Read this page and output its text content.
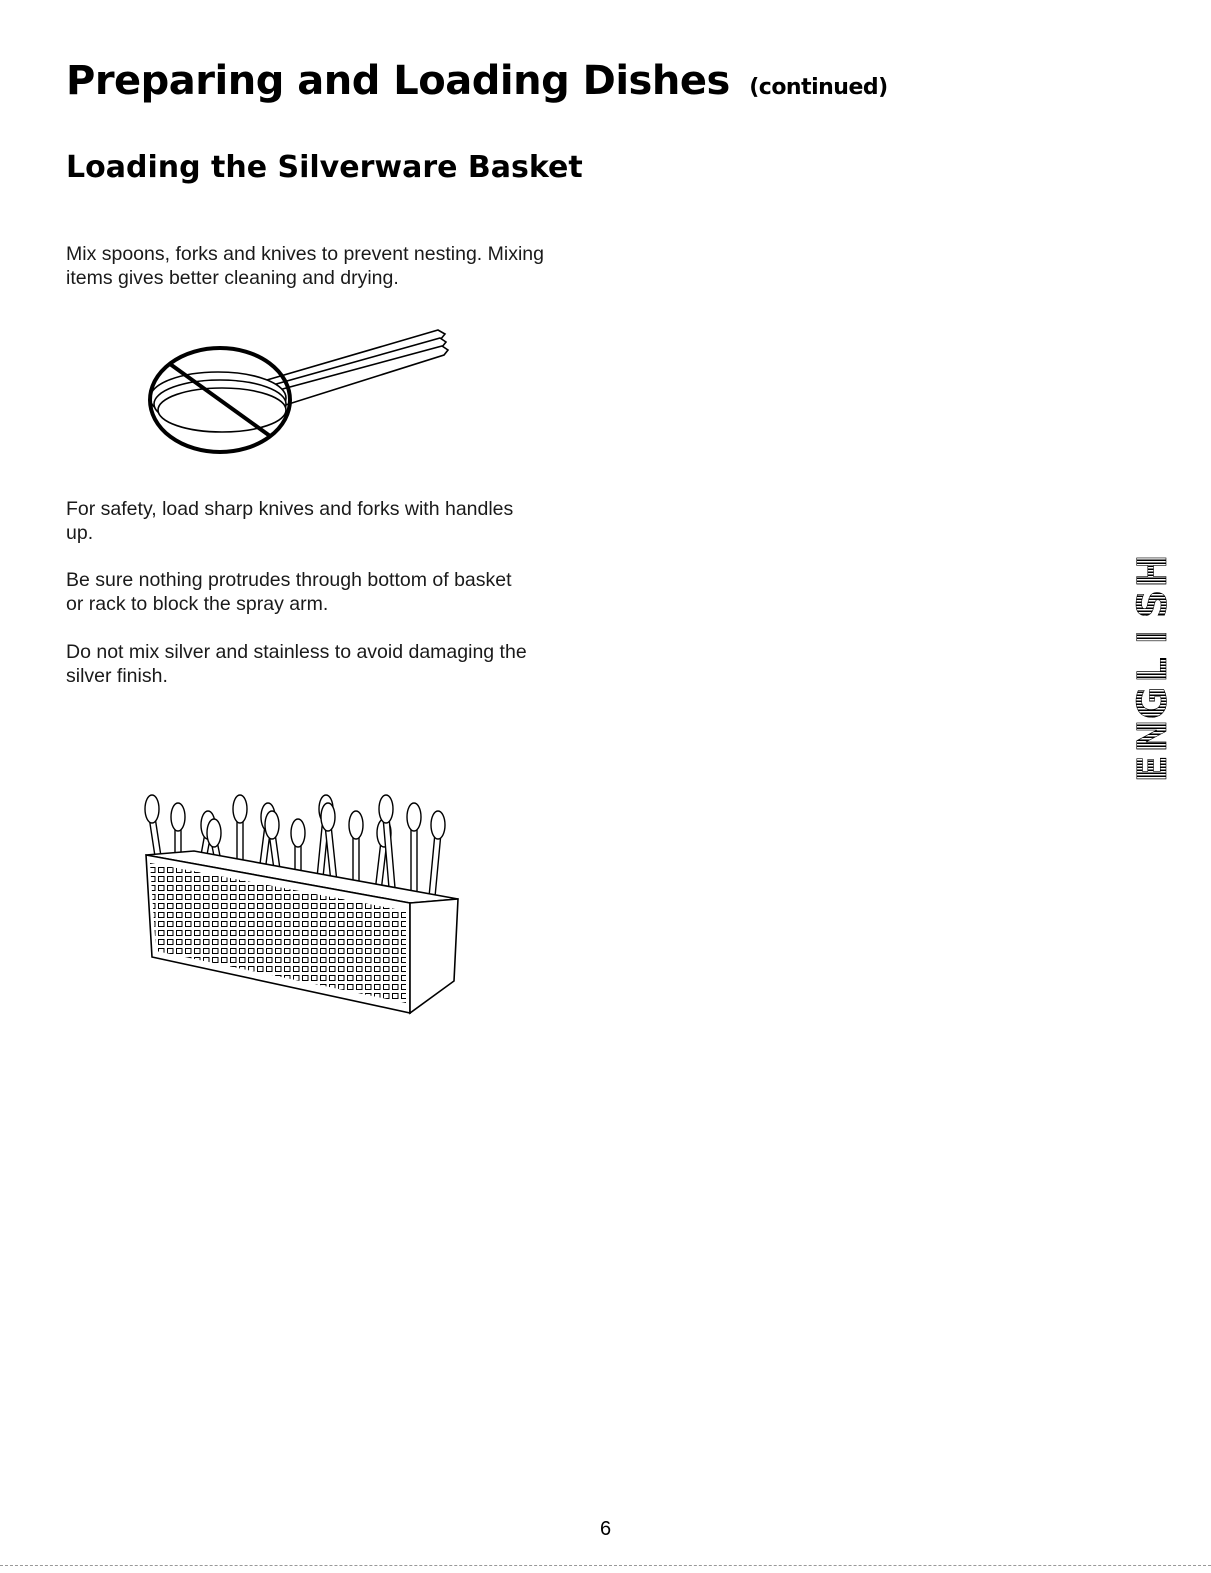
Preparing and Loading Dishes (continued)
Loading the Silverware Basket

Mix spoons, forks and knives to prevent nesting. Mixing items gives better cleaning and drying.

For safety, load sharp knives and forks with handles up.

Be sure nothing protrudes through bottom of basket or rack to block the spray arm.

Do not mix silver and stainless to avoid damaging the silver finish.

H
S
I
L
G
N
E
6
